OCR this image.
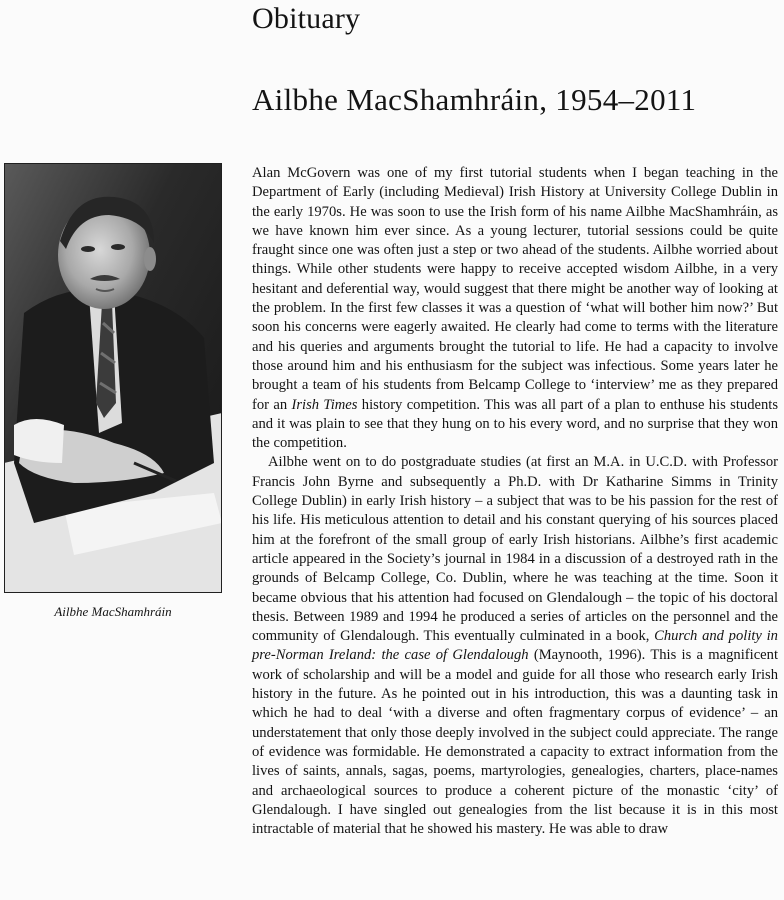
Obituary
Ailbhe MacShamhráin, 1954–2011
Ailbhe MacShamhráin

Alan McGovern was one of my first tutorial students when I began teaching in the Department of Early (including Medieval) Irish History at University College Dublin in the early 1970s. He was soon to use the Irish form of his name Ailbhe MacShamhráin, as we have known him ever since. As a young lecturer, tutorial sessions could be quite fraught since one was often just a step or two ahead of the students. Ailbhe worried about things. While other students were happy to receive accepted wisdom Ailbhe, in a very hesitant and deferential way, would suggest that there might be another way of looking at the problem. In the first few classes it was a question of ‘what will bother him now?’ But soon his concerns were eagerly awaited. He clearly had come to terms with the literature and his queries and arguments brought the tutorial to life. He had a capacity to involve those around him and his enthusiasm for the subject was infectious. Some years later he brought a team of his students from Belcamp College to ‘interview’ me as they prepared for an Irish Times history competition. This was all part of a plan to enthuse his students and it was plain to see that they hung on to his every word, and no surprise that they won the competition.

Ailbhe went on to do postgraduate studies (at first an M.A. in U.C.D. with Professor Francis John Byrne and subsequently a Ph.D. with Dr Katharine Simms in Trinity College Dublin) in early Irish history – a subject that was to be his passion for the rest of his life. His meticulous attention to detail and his constant querying of his sources placed him at the forefront of the small group of early Irish historians. Ailbhe’s first academic article appeared in the Society’s journal in 1984 in a discussion of a destroyed rath in the grounds of Belcamp College, Co. Dublin, where he was teaching at the time. Soon it became obvious that his attention had focused on Glendalough – the topic of his doctoral thesis. Between 1989 and 1994 he produced a series of articles on the personnel and the community of Glendalough. This eventually culminated in a book, Church and polity in pre-Norman Ireland: the case of Glendalough (Maynooth, 1996). This is a magnificent work of scholarship and will be a model and guide for all those who research early Irish history in the future. As he pointed out in his introduction, this was a daunting task in which he had to deal ‘with a diverse and often fragmentary corpus of evidence’ – an understatement that only those deeply involved in the subject could appreciate. The range of evidence was formidable. He demonstrated a capacity to extract information from the lives of saints, annals, sagas, poems, martyrologies, genealogies, charters, place-names and archaeological sources to produce a coherent picture of the monastic ‘city’ of Glendalough. I have singled out genealogies from the list because it is in this most intractable of material that he showed his mastery. He was able to draw
